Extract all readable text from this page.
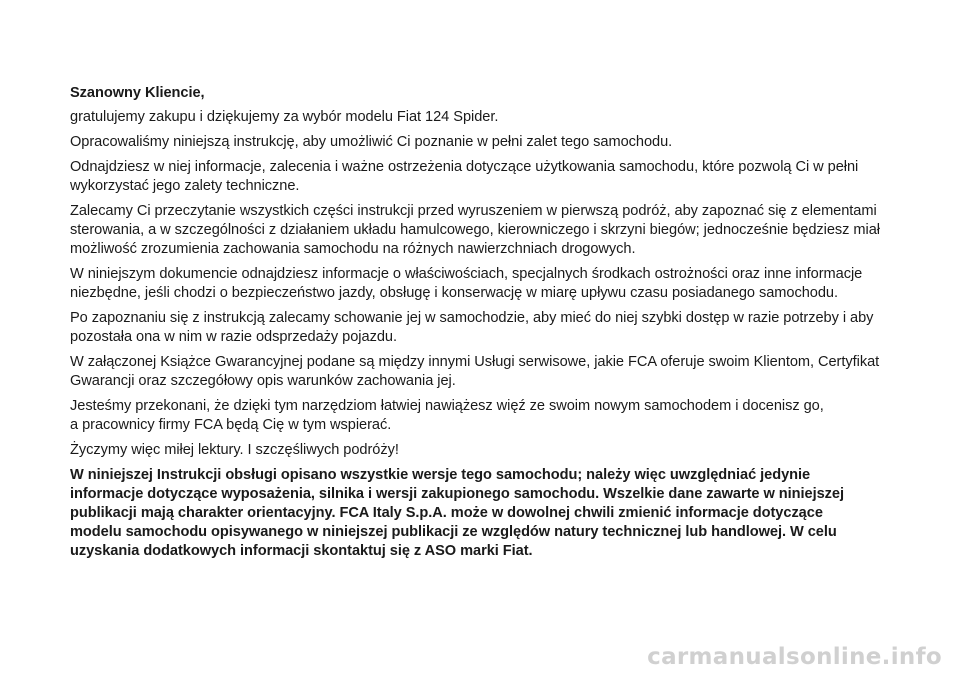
Szanowny Kliencie,
gratulujemy zakupu i dziękujemy za wybór modelu Fiat 124 Spider.
Opracowaliśmy niniejszą instrukcję, aby umożliwić Ci poznanie w pełni zalet tego samochodu.
Odnajdziesz w niej informacje, zalecenia i ważne ostrzeżenia dotyczące użytkowania samochodu, które pozwolą Ci w pełni
wykorzystać jego zalety techniczne.
Zalecamy Ci przeczytanie wszystkich części instrukcji przed wyruszeniem w pierwszą podróż, aby zapoznać się z elementami
sterowania, a w szczególności z działaniem układu hamulcowego, kierowniczego i skrzyni biegów; jednocześnie będziesz miał
możliwość zrozumienia zachowania samochodu na różnych nawierzchniach drogowych.
W niniejszym dokumencie odnajdziesz informacje o właściwościach, specjalnych środkach ostrożności oraz inne informacje
niezbędne, jeśli chodzi o bezpieczeństwo jazdy, obsługę i konserwację w miarę upływu czasu posiadanego samochodu.
Po zapoznaniu się z instrukcją zalecamy schowanie jej w samochodzie, aby mieć do niej szybki dostęp w razie potrzeby i aby
pozostała ona w nim w razie odsprzedaży pojazdu.
W załączonej Książce Gwarancyjnej podane są między innymi Usługi serwisowe, jakie FCA oferuje swoim Klientom, Certyfikat
Gwarancji oraz szczegółowy opis warunków zachowania jej.
Jesteśmy przekonani, że dzięki tym narzędziom łatwiej nawiążesz więź ze swoim nowym samochodem i docenisz go,
a pracownicy firmy FCA będą Cię w tym wspierać.
Życzymy więc miłej lektury. I szczęśliwych podróży!
W niniejszej Instrukcji obsługi opisano wszystkie wersje tego samochodu; należy więc uwzględniać jedynie
informacje dotyczące wyposażenia, silnika i wersji zakupionego samochodu. Wszelkie dane zawarte w niniejszej
publikacji mają charakter orientacyjny. FCA Italy S.p.A. może w dowolnej chwili zmienić informacje dotyczące
modelu samochodu opisywanego w niniejszej publikacji ze względów natury technicznej lub handlowej. W celu
uzyskania dodatkowych informacji skontaktuj się z ASO marki Fiat.
carmanualsonline.info
